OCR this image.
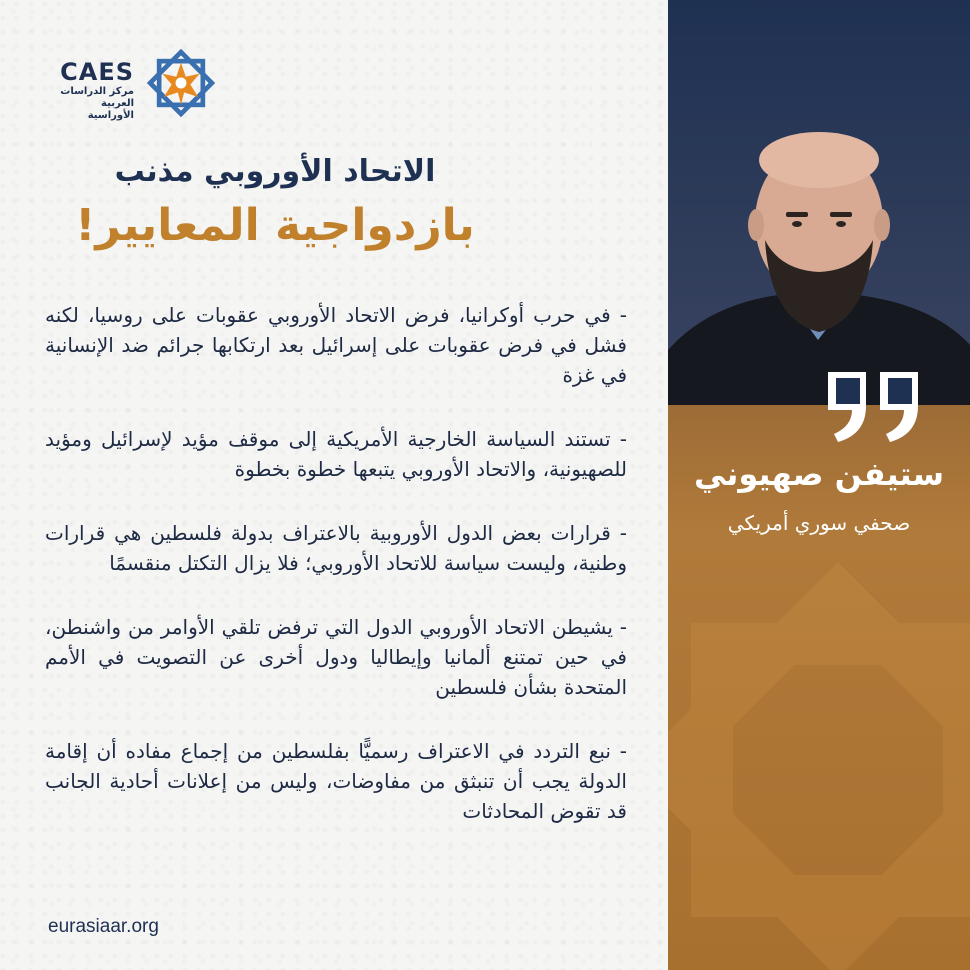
CAES
مركز الدراسات
العربية الأوراسية
الاتحاد الأوروبي مذنب
بازدواجية المعايير!

- في حرب أوكرانيا، فرض الاتحاد الأوروبي عقوبات على روسيا، لكنه فشل في فرض عقوبات على إسرائيل بعد ارتكابها جرائم ضد الإنسانية في غزة

- تستند السياسة الخارجية الأمريكية إلى موقف مؤيد لإسرائيل ومؤيد للصهيونية، والاتحاد الأوروبي يتبعها خطوة بخطوة

- قرارات بعض الدول الأوروبية بالاعتراف بدولة فلسطين هي قرارات وطنية، وليست سياسة للاتحاد الأوروبي؛ فلا يزال التكتل منقسمًا

- يشيطن الاتحاد الأوروبي الدول التي ترفض تلقي الأوامر من واشنطن، في حين تمتنع ألمانيا وإيطاليا ودول أخرى عن التصويت في الأمم المتحدة بشأن فلسطين

- نبع التردد في الاعتراف رسميًّا بفلسطين من إجماع مفاده أن إقامة الدولة يجب أن تنبثق من مفاوضات، وليس من إعلانات أحادية الجانب قد تقوض المحادثات

eurasiaar.org
ستيفن صهيوني
صحفي سوري أمريكي
